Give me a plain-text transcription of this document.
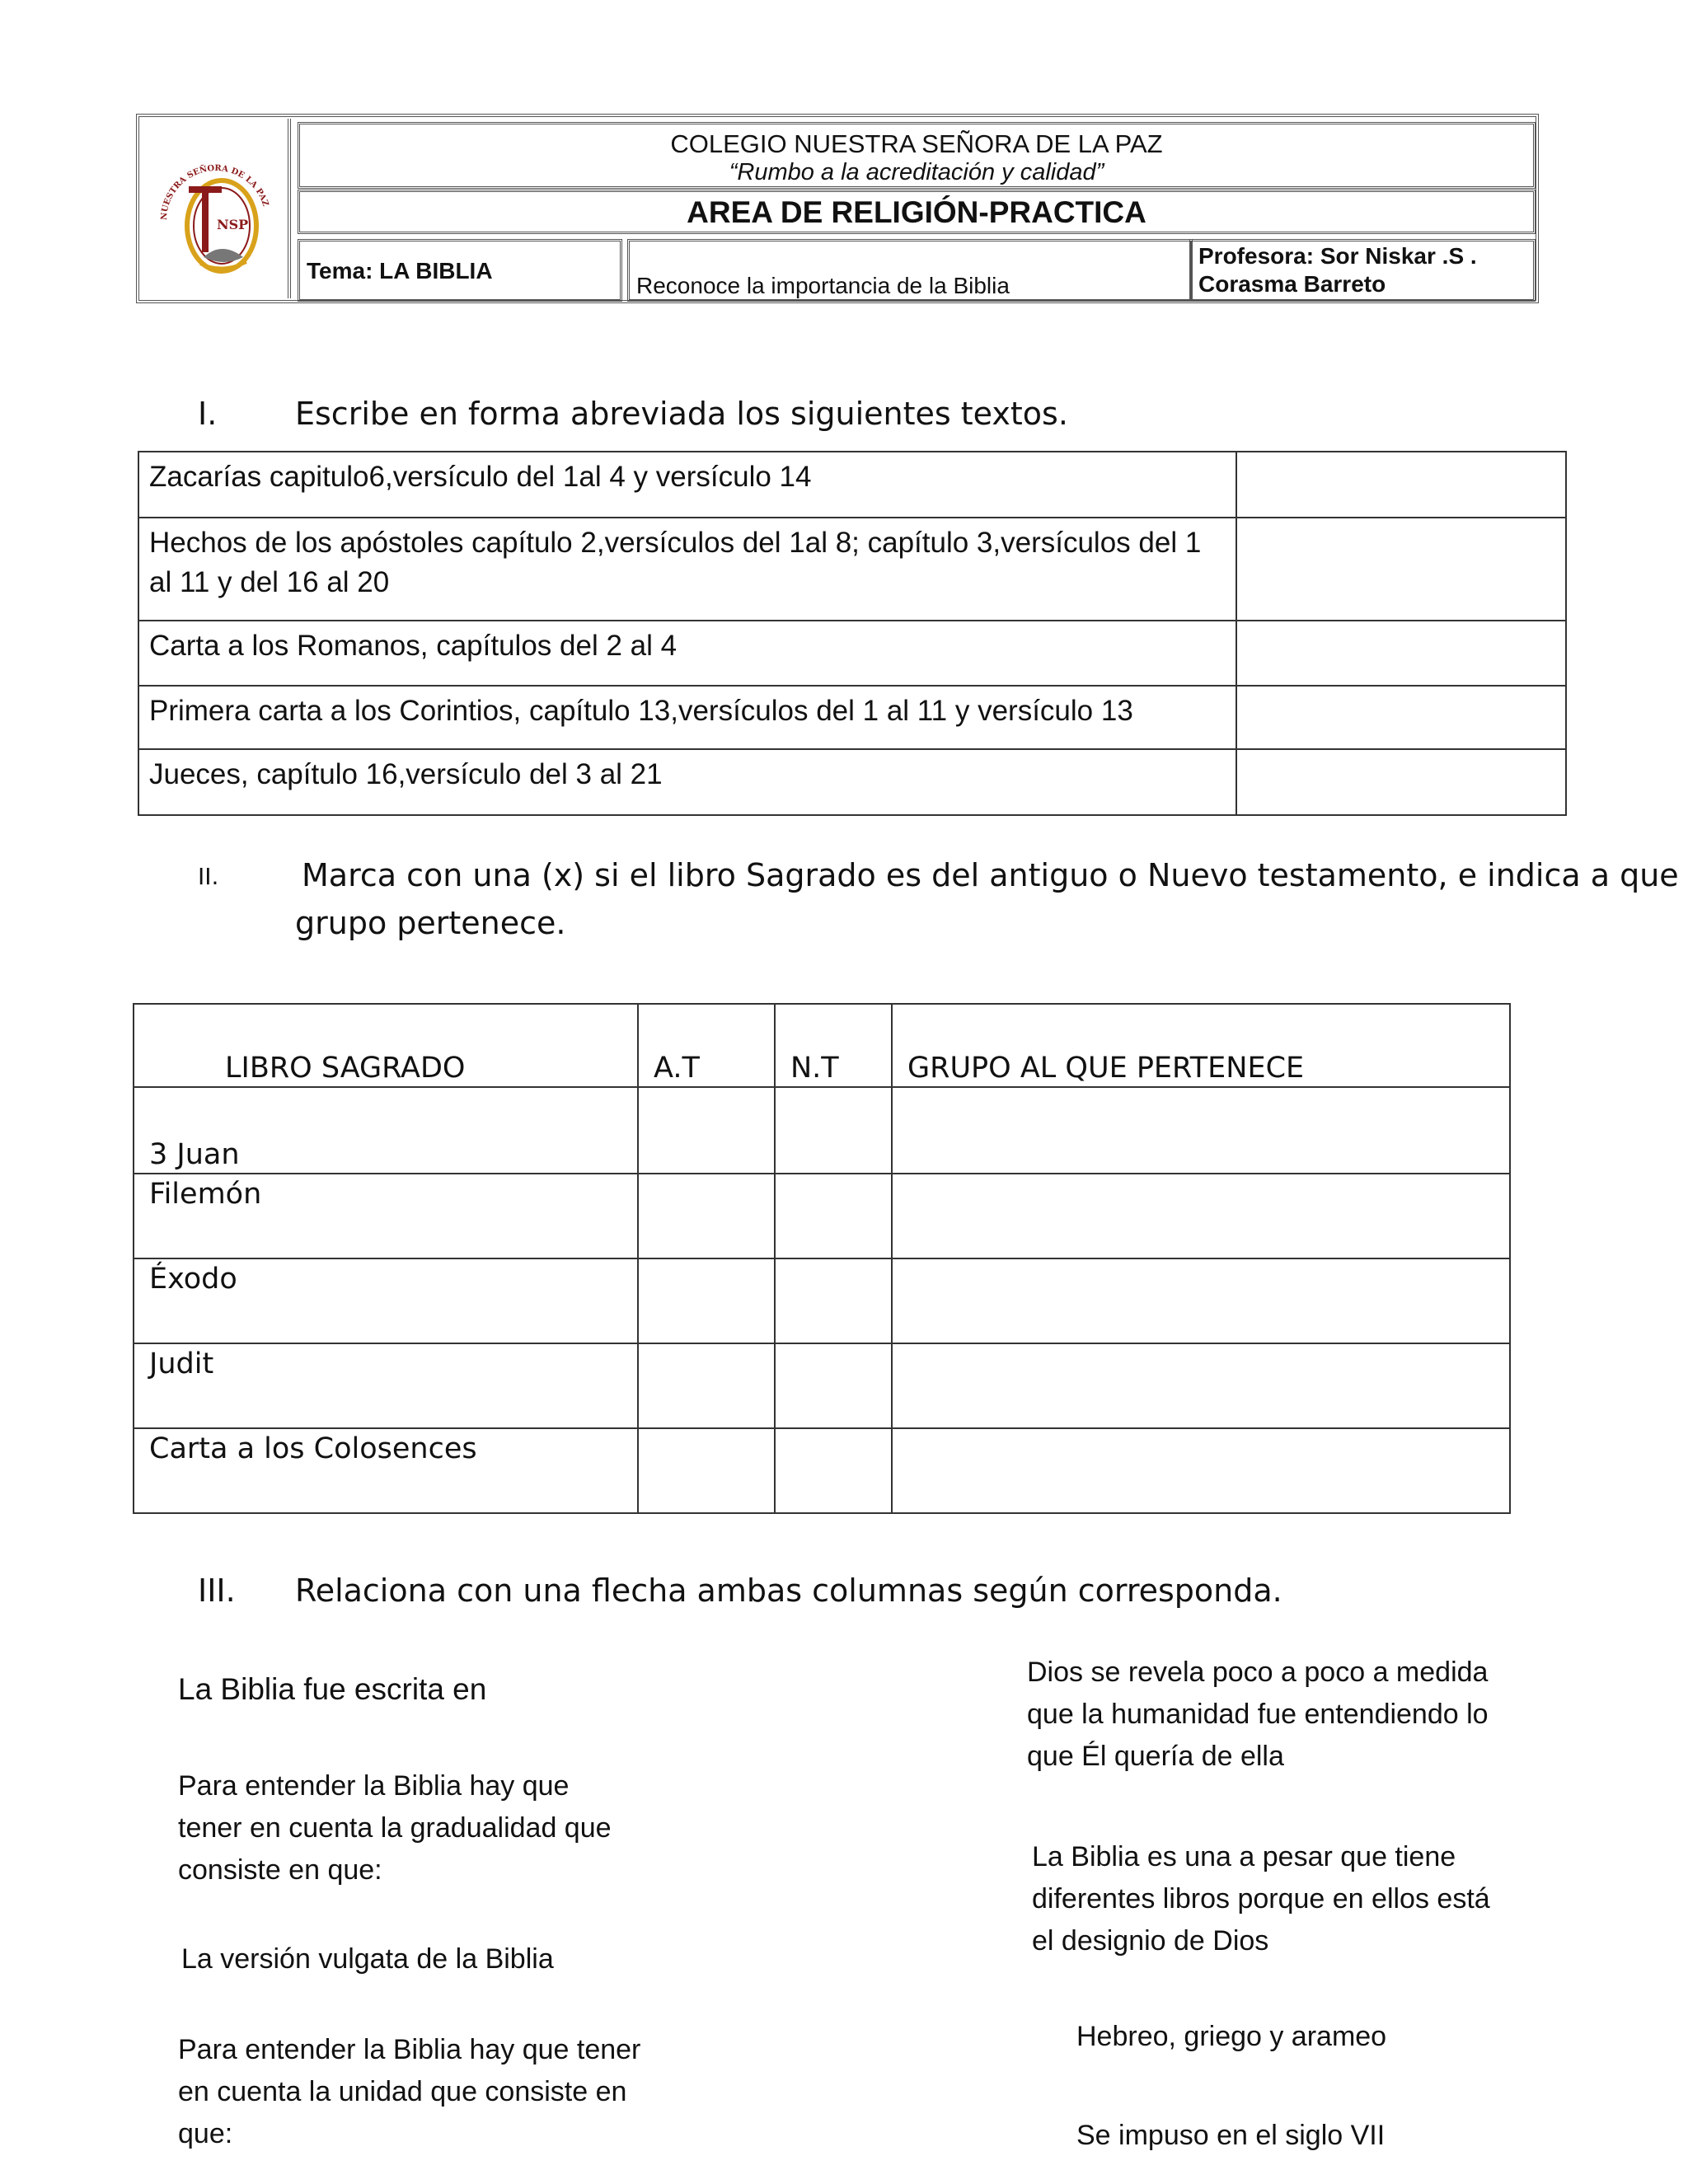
NUESTRA SEÑORA DE LA PAZ
NSP
COLEGIO NUESTRA SEÑORA DE LA PAZ
“Rumbo a la acreditación y calidad”
AREA DE RELIGIÓN-PRACTICA
Tema: LA BIBLIA
Reconoce la importancia de la Biblia
Profesora: Sor Niskar .S .
Corasma Barreto
I. Escribe en forma abreviada los siguientes textos.
Zacarías capitulo6,versículo del 1al 4 y versículo 14	
Hechos de los apóstoles capítulo 2,versículos del 1al 8; capítulo 3,versículos del 1 al 11 y del 16 al 20	
Carta a los Romanos, capítulos del 2 al 4	
Primera carta a los Corintios, capítulo 13,versículos del 1 al 11 y versículo 13	
Jueces, capítulo 16,versículo del 3 al 21	
II.	Marca con una (x) si el libro Sagrado es del antiguo o Nuevo testamento, e indica a que
grupo pertenece.
LIBRO SAGRADO	A.T	N.T	GRUPO AL QUE PERTENECE
3 Juan			
Filemón			
Éxodo			
Judit			
Carta a los Colosences			
III. Relaciona con una flecha ambas columnas según corresponda.
La Biblia fue escrita en
Para entender la Biblia hay que tener en cuenta la gradualidad que consiste en que:
La versión vulgata de la Biblia
Para entender la Biblia hay que tener en cuenta la unidad que consiste en que:
Dios se revela poco a poco a medida que la humanidad fue entendiendo lo que Él quería de ella
La Biblia es una a pesar que tiene diferentes libros porque en ellos está el designio de Dios
Hebreo, griego y arameo
Se impuso en el siglo VII
